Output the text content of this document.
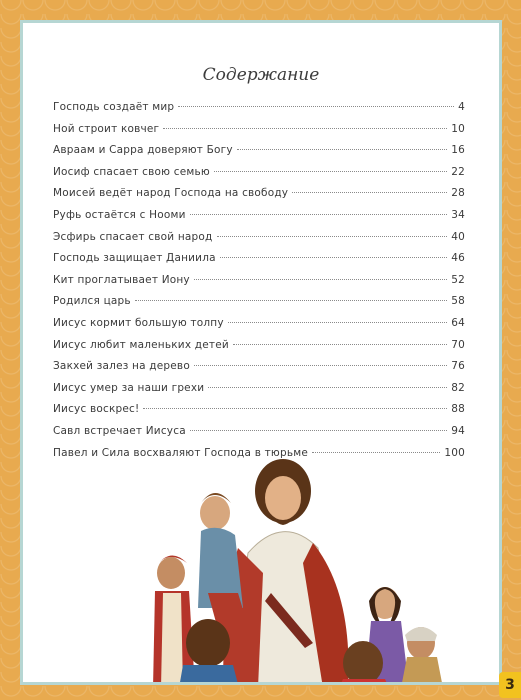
Содержание
Господь создаёт мир	4
Ной строит ковчег	10
Авраам и Сарра доверяют Богу	16
Иосиф спасает свою семью	22
Моисей ведёт народ Господа на свободу	28
Руфь остаётся с Нооми	34
Эсфирь спасает свой народ	40
Господь защищает Даниила	46
Кит проглатывает Иону	52
Родился царь	58
Иисус кормит большую толпу	64
Иисус любит маленьких детей	70
Закхей залез на дерево	76
Иисус умер за наши грехи	82
Иисус воскрес!	88
Савл встречает Иисуса	94
Павел и Сила восхваляют Господа в тюрьме	100
3
